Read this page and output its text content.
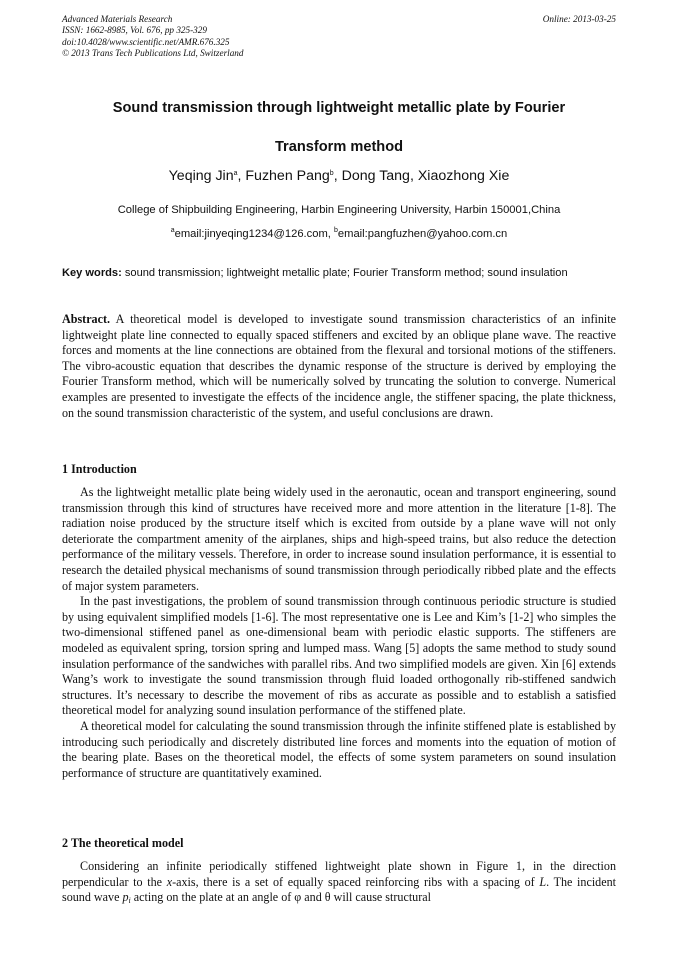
Advanced Materials Research
ISSN: 1662-8985, Vol. 676, pp 325-329
doi:10.4028/www.scientific.net/AMR.676.325
© 2013 Trans Tech Publications Ltd, Switzerland
Online: 2013-03-25
Sound transmission through lightweight metallic plate by Fourier
Transform method
Yeqing Jin$^a$, Fuzhen Pang$^b$, Dong Tang, Xiaozhong Xie
College of Shipbuilding Engineering, Harbin Engineering University, Harbin 150001,China
$^a$email:jinyeqing1234@126.com, $^b$email:pangfuzhen@yahoo.com.cn
Key words: sound transmission; lightweight metallic plate; Fourier Transform method; sound insulation
Abstract. A theoretical model is developed to investigate sound transmission characteristics of an infinite lightweight plate line connected to equally spaced stiffeners and excited by an oblique plane wave. The reactive forces and moments at the line connections are obtained from the flexural and torsional motions of the stiffeners. The vibro-acoustic equation that describes the dynamic response of the structure is derived by employing the Fourier Transform method, which will be numerically solved by truncating the solution to converge. Numerical examples are presented to investigate the effects of the incidence angle, the stiffener spacing, the plate thickness, on the sound transmission characteristic of the system, and useful conclusions are drawn.
1 Introduction

As the lightweight metallic plate being widely used in the aeronautic, ocean and transport engineering, sound transmission through this kind of structures have received more and more attention in the literature [1-8]. The radiation noise produced by the structure itself which is excited from outside by a plane wave will not only deteriorate the compartment amenity of the airplanes, ships and high-speed trains, but also reduce the detection performance of the military vessels. Therefore, in order to increase sound insulation performance, it is essential to research the detailed physical mechanisms of sound transmission through periodically ribbed plate and the effects of major system parameters.

In the past investigations, the problem of sound transmission through continuous periodic structure is studied by using equivalent simplified models [1-6]. The most representative one is Lee and Kim’s [1-2] who simples the two-dimensional stiffened panel as one-dimensional beam with periodic elastic supports. The stiffeners are modeled as equivalent spring, torsion spring and lumped mass. Wang [5] adopts the same method to study sound insulation performance of the sandwiches with parallel ribs. And two simplified models are given. Xin [6] extends Wang’s work to investigate the sound transmission through fluid loaded orthogonally rib-stiffened sandwich structures. It’s necessary to describe the movement of ribs as accurate as possible and to establish a satisfied theoretical model for analyzing sound insulation performance of the stiffened plate.

A theoretical model for calculating the sound transmission through the infinite stiffened plate is established by introducing such periodically and discretely distributed line forces and moments into the equation of motion of the bearing plate. Bases on the theoretical model, the effects of some system parameters on sound insulation performance of structure are quantitatively examined.

2 The theoretical model

Considering an infinite periodically stiffened lightweight plate shown in Figure 1, in the direction perpendicular to the x-axis, there is a set of equally spaced reinforcing ribs with a spacing of L. The incident sound wave $p_i$ acting on the plate at an angle of φ and θ will cause structural
